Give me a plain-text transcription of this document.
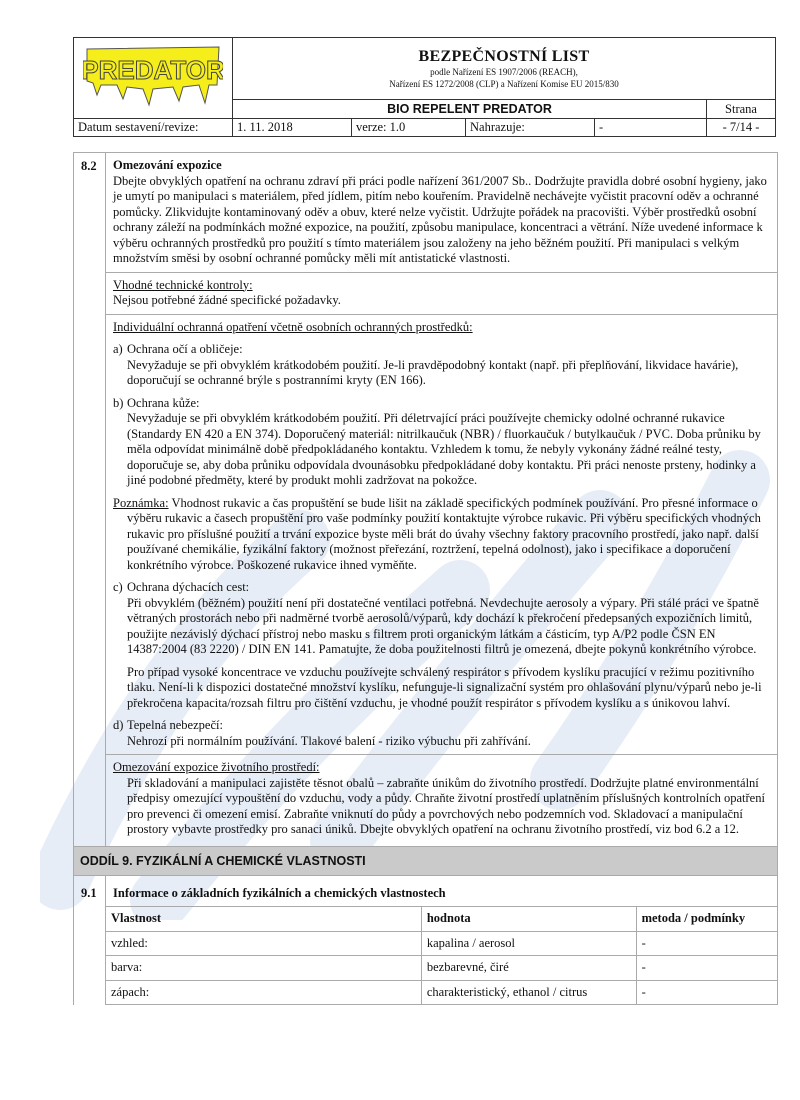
PREDATOR	BEZPEČNOSTNÍ LIST
podle Nařízení ES 1907/2006 (REACH),
Nařízení ES 1272/2008 (CLP) a Nařízení Komise EU 2015/830				

	BIO REPELENT PREDATOR				Strana
Datum sestavení/revize:	1. 11. 2018	verze: 1.0	Nahrazuje:	-	- 7/14 -
8.2	Omezování expozice
Dbejte obvyklých opatření na ochranu zdraví při práci podle nařízení 361/2007 Sb.. Dodržujte pravidla dobré osobní hygieny, jako je umytí po manipulaci s materiálem, před jídlem, pitím nebo kouřením. Pravidelně nechávejte vyčistit pracovní oděv a ochranné pomůcky. Zlikvidujte kontaminovaný oděv a obuv, které nelze vyčistit. Udržujte pořádek na pracovišti. Výběr prostředků osobní ochrany záleží na podmínkách možné expozice, na použití, způsobu manipulace, koncentraci a větrání. Níže uvedené informace k výběru ochranných prostředků pro použití s tímto materiálem jsou založeny na jeho běžném použití. Při manipulaci s velkým množstvím směsi by osobní ochranné pomůcky měli mít antistatické vlastnosti.
Vhodné technické kontroly:
Nejsou potřebné žádné specifické požadavky.
Individuální ochranná opatření včetně osobních ochranných prostředků:
a) Ochrana očí a obličeje:
Nevyžaduje se při obvyklém krátkodobém použití. Je-li pravděpodobný kontakt (např. při přeplňování, likvidace havárie), doporučují se ochranné brýle s postranními kryty (EN 166).
b) Ochrana kůže:
Nevyžaduje se při obvyklém krátkodobém použití. Při déletrvající práci používejte chemicky odolné ochranné rukavice (Standardy EN 420 a EN 374). Doporučený materiál: nitrilkaučuk (NBR) / fluorkaučuk / butylkaučuk / PVC. Doba průniku by měla odpovídat minimálně době předpokládaného kontaktu. Vzhledem k tomu, že nebyly vykonány žádné reálné testy, doporučuje se, aby doba průniku odpovídala dvounásobku předpokládané doby kontaktu. Při práci nenoste prsteny, hodinky a jiné podobné předměty, které by produkt mohli zadržovat na pokožce.
Poznámka: Vhodnost rukavic a čas propuštění se bude lišit na základě specifických podmínek používání. Pro přesné informace o výběru rukavic a časech propuštění pro vaše podmínky použití kontaktujte výrobce rukavic. Při výběru specifických vhodných rukavic pro příslušné použití a trvání expozice byste měli brát do úvahy všechny faktory pracovního prostředí, jako např. další používané chemikálie, fyzikální faktory (možnost přeřezání, roztržení, tepelná odolnost), jako i specifikace a doporučení konkrétního výrobce. Poškozené rukavice ihned vyměňte.
c) Ochrana dýchacích cest:
Při obvyklém (běžném) použití není při dostatečné ventilaci potřebná. Nevdechujte aerosoly a výpary. Při stálé práci ve špatně větraných prostorách nebo při nadměrné tvorbě aerosolů/výparů, kdy dochází k překročení předepsaných expozičních limitů, použijte nezávislý dýchací přístroj nebo masku s filtrem proti organickým látkám a částicím, typ A/P2 podle ČSN EN 14387:2004 (83 2220) / DIN EN 141. Pamatujte, že doba použitelnosti filtrů je omezená, dbejte pokynů konkrétního výrobce.
Pro případ vysoké koncentrace ve vzduchu používejte schválený respirátor s přívodem kyslíku pracující v režimu pozitivního tlaku. Není-li k dispozici dostatečné množství kyslíku, nefunguje-li signalizační systém pro ohlašování plynu/výparů nebo je-li překročena kapacita/rozsah filtru pro čištění vzduchu, je vhodné použít respirátor s přívodem kyslíku a s únikovou lahví.
d) Tepelná nebezpečí:
Nehrozí při normálním používání. Tlakové balení - riziko výbuchu při zahřívání.
Omezování expozice životního prostředí:
Při skladování a manipulaci zajistěte těsnot obalů – zabraňte únikům do životního prostředí. Dodržujte platné environmentální předpisy omezující vypouštění do vzduchu, vody a půdy. Chraňte životní prostředí uplatněním příslušných kontrolních opatření pro prevenci či omezení emisí. Zabraňte vniknutí do půdy a povrchových nebo podzemních vod. Skladovací a manipulační prostory vybavte prostředky pro sanaci úniků. Dbejte obvyklých opatření na ochranu životního prostředí, viz bod 6.2 a 12.
ODDÍL 9. FYZIKÁLNÍ A CHEMICKÉ VLASTNOSTI
9.1	Informace o základních fyzikálních a chemických vlastnostech
Vlastnost	hodnota	metoda / podmínky
vzhled:	kapalina / aerosol	-
barva:	bezbarevné, čiré	-
zápach:	charakteristický, ethanol / citrus	-
